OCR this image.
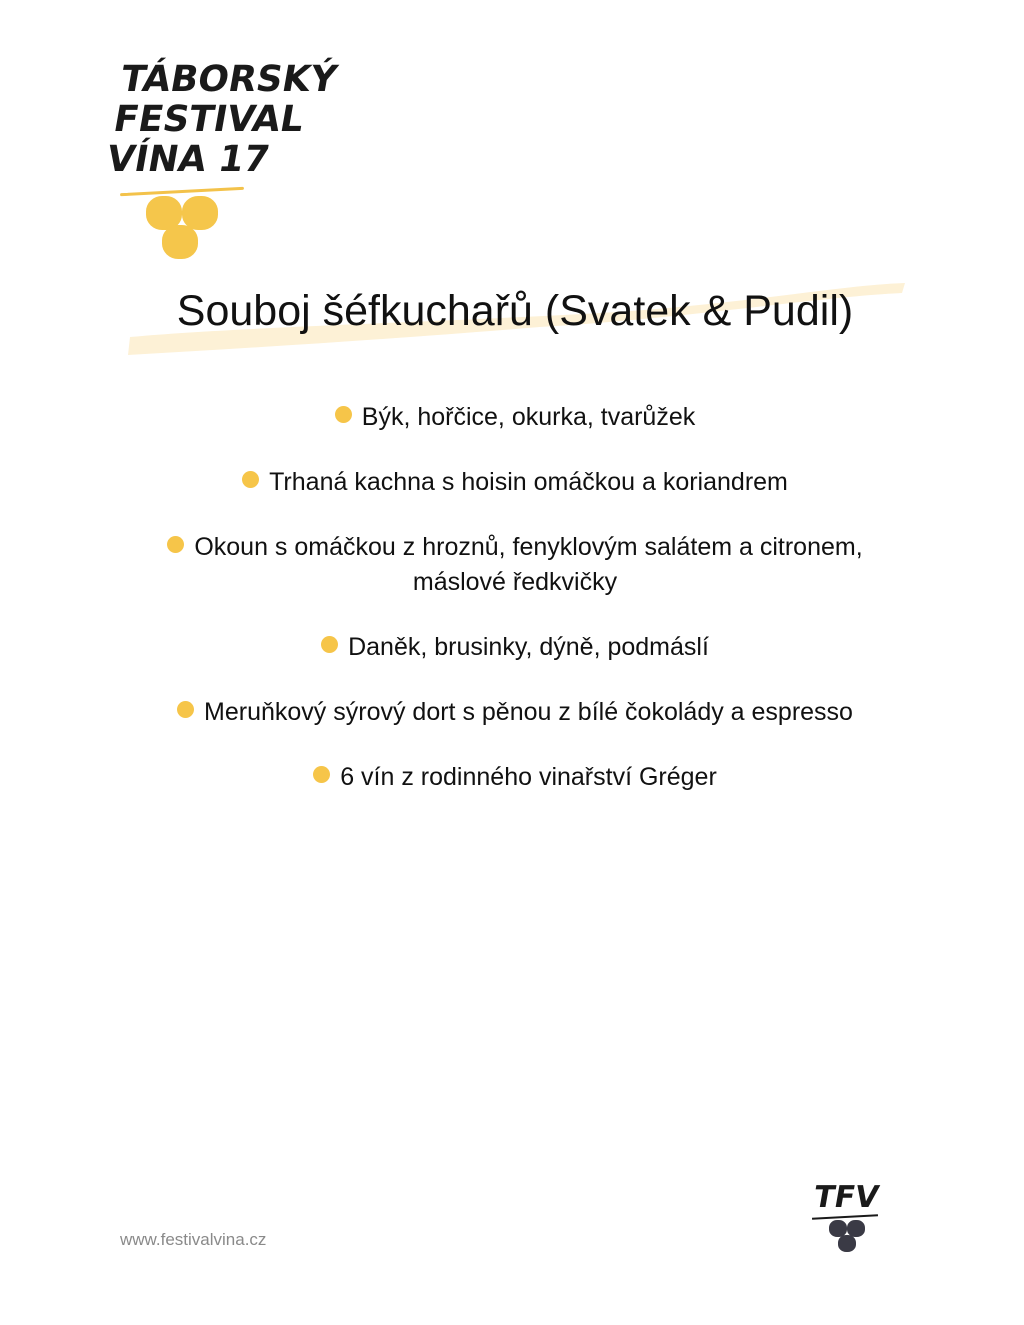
TÁBORSKÝ
FESTIVAL
VÍNA 17
Souboj šéfkuchařů (Svatek & Pudil)
Býk, hořčice, okurka, tvarůžek
Trhaná kachna s hoisin omáčkou a koriandrem
Okoun s omáčkou z hroznů, fenyklovým salátem a citronem, máslové ředkvičky
Daněk, brusinky, dýně, podmáslí
Meruňkový sýrový dort s pěnou z bílé čokolády a espresso
6 vín z rodinného vinařství Gréger
www.festivalvina.cz
TFV
